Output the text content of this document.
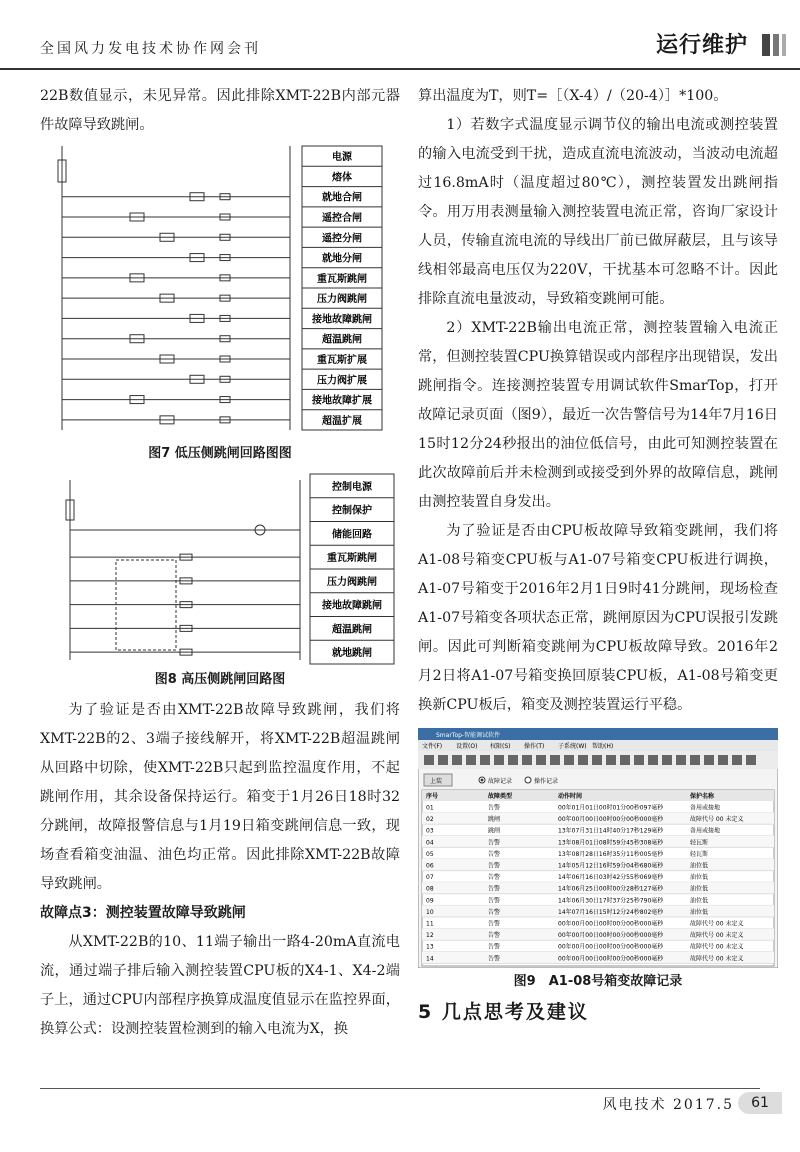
全国风力发电技术协作网会刊	运行维护

22B数值显示，未见异常。因此排除XMT-22B内部元器件故障导致跳闸。

电源
熔体
就地合闸
遥控合闸
遥控分闸
就地分闸
重瓦斯跳闸
压力阀跳闸
接地故障跳闸
超温跳闸
重瓦斯扩展
压力阀扩展
接地故障扩展
超温扩展
图7 低压侧跳闸回路图图
控制电源
控制保护
储能回路
重瓦斯跳闸
压力阀跳闸
接地故障跳闸
超温跳闸
就地跳闸
图8 高压侧跳闸回路图

为了验证是否由XMT-22B故障导致跳闸，我们将XMT-22B的2、3端子接线解开，将XMT-22B超温跳闸从回路中切除，使XMT-22B只起到监控温度作用，不起跳闸作用，其余设备保持运行。箱变于1月26日18时32分跳闸，故障报警信息与1月19日箱变跳闸信息一致，现场查看箱变油温、油色均正常。因此排除XMT-22B故障导致跳闸。

故障点3：测控装置故障导致跳闸

从XMT-22B的10、11端子输出一路4-20mA直流电流，通过端子排后输入测控装置CPU板的X4-1、X4-2端子上，通过CPU内部程序换算成温度值显示在监控界面，换算公式：设测控装置检测到的输入电流为X，换

算出温度为T，则T=［（X-4）/（20-4）］*100。

1）若数字式温度显示调节仪的输出电流或测控装置的输入电流受到干扰，造成直流电流波动，当波动电流超过16.8mA时（温度超过80℃），测控装置发出跳闸指令。用万用表测量输入测控装置电流正常，咨询厂家设计人员，传输直流电流的导线出厂前已做屏蔽层，且与该导线相邻最高电压仅为220V，干扰基本可忽略不计。因此排除直流电量波动，导致箱变跳闸可能。

2）XMT-22B输出电流正常，测控装置输入电流正常，但测控装置CPU换算错误或内部程序出现错误，发出跳闸指令。连接测控装置专用调试软件SmarTop，打开故障记录页面（图9），最近一次告警信号为14年7月16日15时12分24秒报出的油位低信号，由此可知测控装置在此次故障前后并未检测到或接受到外界的故障信息，跳闸由测控装置自身发出。

为了验证是否由CPU板故障导致箱变跳闸，我们将A1-08号箱变CPU板与A1-07号箱变CPU板进行调换，A1-07号箱变于2016年2月1日9时41分跳闸，现场检查A1-07号箱变各项状态正常，跳闸原因为CPU误报引发跳闸。因此可判断箱变跳闸为CPU板故障导致。2016年2月2日将A1-07号箱变换回原装CPU板，A1-08号箱变更换新CPU板后，箱变及测控装置运行平稳。

SmarTop-智能调试软件
文件(F) 设置(O) 权限(S) 操作(T) 子系统(W) 帮助(H)
上装	故障记录	操作记录
序号	故障类型	动作时间	保护名称
01	告警	00年01月01日00时01分00秒097毫秒	备用或接地
02	跳闸	00年00月00日00时00分00秒000毫秒	故障代号 00 未定义
03	跳闸	13年07月31日14时40分17秒129毫秒	备用或接地
04	告警	13年08月01日08时59分45秒308毫秒	轻瓦斯
05	告警	13年08月28日16时35分11秒005毫秒	轻瓦斯
06	告警	14年05月12日16时59分04秒680毫秒	油位低
07	告警	14年06月16日03时42分55秒069毫秒	油位低
08	告警	14年06月25日00时00分28秒127毫秒	油位低
09	告警	14年06月30日17时37分25秒790毫秒	油位低
10	告警	14年07月16日15时12分24秒802毫秒	油位低
11	告警	00年00月00日00时00分00秒000毫秒	故障代号 00 未定义
12	告警	00年00月00日00时00分00秒000毫秒	故障代号 00 未定义
13	告警	00年00月00日00时00分00秒000毫秒	故障代号 00 未定义
14	告警	00年00月00日00时00分00秒000毫秒	故障代号 00 未定义
图9　A1-08号箱变故障记录

5 几点思考及建议

风电技术 2017.5	61
